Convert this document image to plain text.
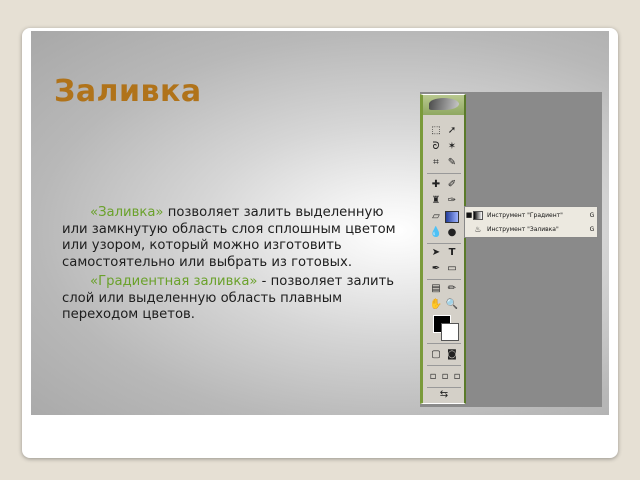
Заливка

«Заливка» позволяет залить выделенную или замкнутую область слоя сплошным цветом или узором, который можно изготовить самостоятельно или выбрать из готовых.

«Градиентная заливка» - позволяет залить слой или выделенную область плавным переходом цветов.

⬚ ➚
ᘐ ✶
⌗ ✎
✚ ✐
♜ ✑
▱
💧 ●
➤ T
✒ ▭
▤ ✏
✋ 🔍
▢ ◙
▫ ▫ ▫
⇆
■ Инструмент "Градиент"	G
♨ Инструмент "Заливка"	G
